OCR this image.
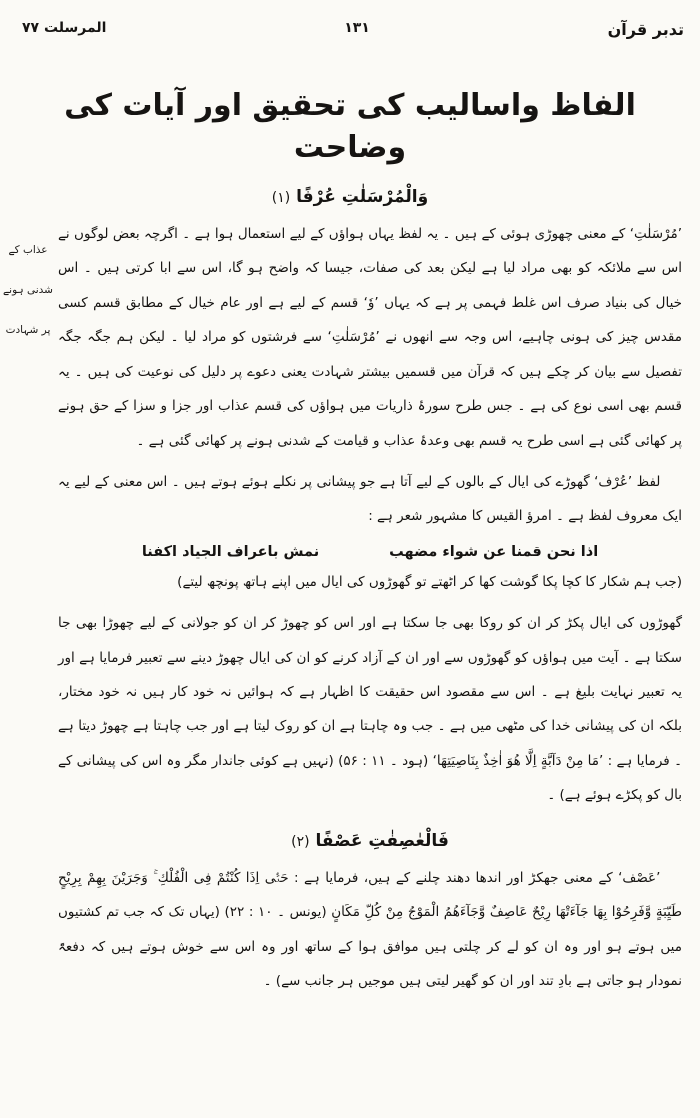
تدبر قرآن
۱۳۱
المرسلت ۷۷
الفاظ واسالیب کی تحقیق اور آیات کی وضاحت
وَالْمُرْسَلٰتِ عُرْفًا (۱)
عذاب کے
شدنی ہونے
پر شہادت

’مُرْسَلٰتِ‘ کے معنی چھوڑی ہوئی کے ہیں ۔ یہ لفظ یہاں ہواؤں کے لیے استعمال ہوا ہے ۔ اگرچہ بعض لوگوں نے اس سے ملائکہ کو بھی مراد لیا ہے لیکن بعد کی صفات، جیسا کہ واضح ہو گا، اس سے ابا کرتی ہیں ۔ اس خیال کی بنیاد صرف اس غلط فہمی پر ہے کہ یہاں ’وٗ‘ قسم کے لیے ہے اور عام خیال کے مطابق قسم کسی مقدس چیز کی ہونی چاہیے، اس وجہ سے انھوں نے ’مُرْسَلٰتِ‘ سے فرشتوں کو مراد لیا ۔ لیکن ہم جگہ جگہ تفصیل سے بیان کر چکے ہیں کہ قرآن میں قسمیں بیشتر شہادت یعنی دعوے پر دلیل کی نوعیت کی ہیں ۔ یہ قسم بھی اسی نوع کی ہے ۔ جس طرح سورۂ ذاریات میں ہواؤں کی قسم عذاب اور جزا و سزا کے حق ہونے پر کھائی گئی ہے اسی طرح یہ قسم بھی وعدۂ عذاب و قیامت کے شدنی ہونے پر کھائی گئی ہے ۔

لفظ ’عُرْف‘ گھوڑے کی ایال کے بالوں کے لیے آتا ہے جو پیشانی پر نکلے ہوئے ہوتے ہیں ۔ اس معنی کے لیے یہ ایک معروف لفظ ہے ۔ امرؤ القیس کا مشہور شعر ہے :

اذا نحن قمنا عن شواء مضهب
نمش باعراف الجياد اكفنا

(جب ہم شکار کا کچا پکا گوشت کھا کر اٹھتے تو گھوڑوں کی ایال میں اپنے ہاتھ پونچھ لیتے)

گھوڑوں کی ایال پکڑ کر ان کو روکا بھی جا سکتا ہے اور اس کو چھوڑ کر ان کو جولانی کے لیے چھوڑا بھی جا سکتا ہے ۔ آیت میں ہواؤں کو گھوڑوں سے اور ان کے آزاد کرنے کو ان کی ایال چھوڑ دینے سے تعبیر فرمایا ہے اور یہ تعبیر نہایت بلیغ ہے ۔ اس سے مقصود اس حقیقت کا اظہار ہے کہ ہوائیں نہ خود کار ہیں نہ خود مختار، بلکہ ان کی پیشانی خدا کی مٹھی میں ہے ۔ جب وہ چاہتا ہے ان کو روک لیتا ہے اور جب چاہتا ہے چھوڑ دیتا ہے ۔ فرمایا ہے : ’مَا مِنْ دَآبَّةٍ اِلَّا هُوَ اٰخِذٌ بِنَاصِيَتِهَا‘ (ہود ۔ ۱۱ : ۵۶) (نہیں ہے کوئی جاندار مگر وہ اس کی پیشانی کے بال کو پکڑے ہوئے ہے) ۔

فَالْعٰصِفٰتِ عَصْفًا (۲)

’عَصْف‘ کے معنی جھکڑ اور اندھا دھند چلنے کے ہیں، فرمایا ہے : حَتّٰۤی اِذَا كُنْتُمْ فِی الْفُلْكِ ۚ وَجَرَيْنَ بِهِمْ بِرِيْحٍ طَيِّبَةٍ وَّفَرِحُوْا بِهَا جَآءَتْهَا رِيْحٌ عَاصِفٌ وَّجَآءَهُمُ الْمَوْجُ مِنْ كُلِّ مَكَانٍ (یونس ۔ ۱۰ : ۲۲) (یہاں تک کہ جب تم کشتیوں میں ہوتے ہو اور وہ ان کو لے کر چلتی ہیں موافق ہوا کے ساتھ اور وہ اس سے خوش ہوتے ہیں کہ دفعۃً نمودار ہو جاتی ہے بادِ تند اور ان کو گھیر لیتی ہیں موجیں ہر جانب سے) ۔
